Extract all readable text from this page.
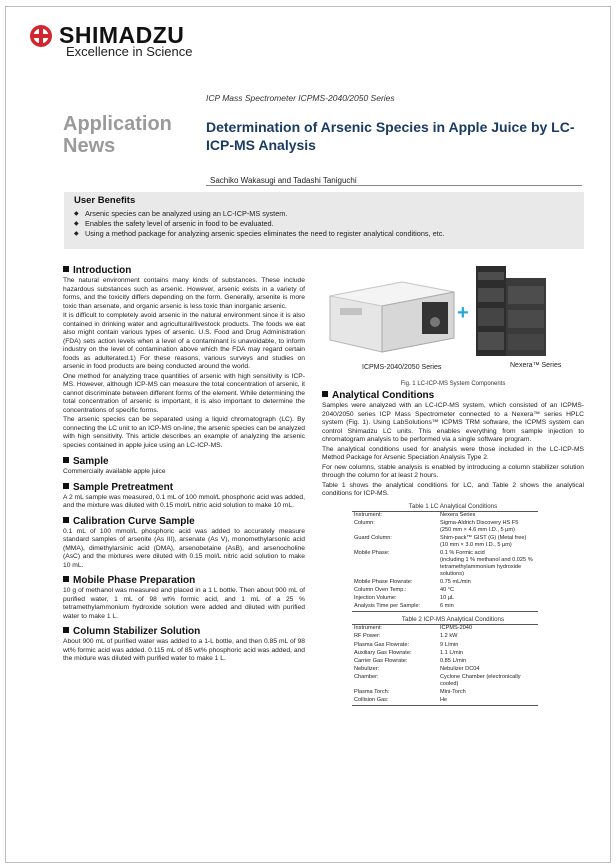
SHIMADZU
Excellence in Science
ICP Mass Spectrometer ICPMS-2040/2050 Series
Application
News
Determination of Arsenic Species in Apple Juice by LC-ICP-MS Analysis
Sachiko Wakasugi and Tadashi Taniguchi
User Benefits
◆ Arsenic species can be analyzed using an LC-ICP-MS system.
◆ Enables the safety level of arsenic in food to be evaluated.
◆ Using a method package for analyzing arsenic species eliminates the need to register analytical conditions, etc.
Introduction

The natural environment contains many kinds of substances. These include hazardous substances such as arsenic. However, arsenic exists in a variety of forms, and the toxicity differs depending on the form. Generally, arsenite is more toxic than arsenate, and organic arsenic is less toxic than inorganic arsenic.

It is difficult to completely avoid arsenic in the natural environment since it is also contained in drinking water and agricultural/livestock products. The foods we eat also might contain various types of arsenic. U.S. Food and Drug Administration (FDA) sets action levels when a level of a contaminant is unavoidable, to inform industry on the level of contamination above which the FDA may regard certain foods as adulterated.1) For these reasons, various surveys and studies on arsenic in food products are being conducted around the world.

One method for analyzing trace quantities of arsenic with high sensitivity is ICP-MS. However, although ICP-MS can measure the total concentration of arsenic, it cannot discriminate between different forms of the element. While determining the total concentration of arsenic is important, it is also important to determine the concentrations of specific forms.

The arsenic species can be separated using a liquid chromatograph (LC). By connecting the LC unit to an ICP-MS on-line, the arsenic species can be analyzed with high sensitivity. This article describes an example of analyzing the arsenic species contained in apple juice using an LC-ICP-MS.

Sample

Commercially available apple juice

Sample Pretreatment

A 2 mL sample was measured, 0.1 mL of 100 mmol/L phosphoric acid was added, and the mixture was diluted with 0.15 mol/L nitric acid solution to make 10 mL.

Calibration Curve Sample

0.1 mL of 100 mmol/L phosphoric acid was added to accurately measure standard samples of arsenite (As III), arsenate (As V), monomethylarsonic acid (MMA), dimethylarsinic acid (DMA), arsenobetaine (AsB), and arsenocholine (AsC) and the mixtures were diluted with 0.15 mol/L nitric acid solution to make 10 mL.

Mobile Phase Preparation

10 g of methanol was measured and placed in a 1 L bottle. Then about 900 mL of purified water, 1 mL of 98 wt% formic acid, and 1 mL of a 25 % tetramethylammonium hydroxide solution were added and diluted with purified water to make 1 L.

Column Stabilizer Solution

About 900 mL of purified water was added to a 1-L bottle, and then 0.85 mL of 98 wt% formic acid was added. 0.115 mL of 85 wt% phosphoric acid was added, and the mixture was diluted with purified water to make 1 L.

+
ICPMS-2040/2050 Series	Nexera™ Series
Fig. 1 LC-ICP-MS System Components
Analytical Conditions

Samples were analyzed with an LC-ICP-MS system, which consisted of an ICPMS-2040/2050 series ICP Mass Spectrometer connected to a Nexera™ series HPLC system (Fig. 1). Using LabSolutions™ ICPMS TRM software, the ICPMS system can control Shimadzu LC units. This enables everything from sample injection to chromatogram analysis to be performed via a single software program.

The analytical conditions used for analysis were those included in the LC-ICP-MS Method Package for Arsenic Speciation Analysis Type 2.

For new columns, stable analysis is enabled by introducing a column stabilizer solution through the column for at least 2 hours.

Table 1 shows the analytical conditions for LC, and Table 2 shows the analytical conditions for ICP-MS.

Table 1 LC Analytical Conditions
Instrument:	Nexera Series
Column:	Sigma-Aldrich Discovery HS F5
(250 mm × 4.6 mm I.D., 5 µm)
Guard Column:	Shim-pack™ GIST (G) (Metal free)
(10 mm × 3.0 mm I.D., 5 µm)
Mobile Phase:	0.1 % Formic acid
(including 1 % methanol and 0.025 %
tetramethylammonium hydroxide solutions)
Mobile Phase Flowrate:	0.75 mL/min
Column Oven Temp.:	40 °C
Injection Volume:	10 µL
Analysis Time per Sample:	6 min
Table 2 ICP-MS Analytical Conditions
Instrument:	ICPMS-2040
RF Power:	1.2 kW
Plasma Gas Flowrate:	9 L/min
Auxiliary Gas Flowrate:	1.1 L/min
Carrier Gas Flowrate:	0.85 L/min
Nebulizer:	Nebulizer DC04
Chamber:	Cyclone Chamber (electronically cooled)
Plasma Torch:	Mini-Torch
Collision Gas:	He
